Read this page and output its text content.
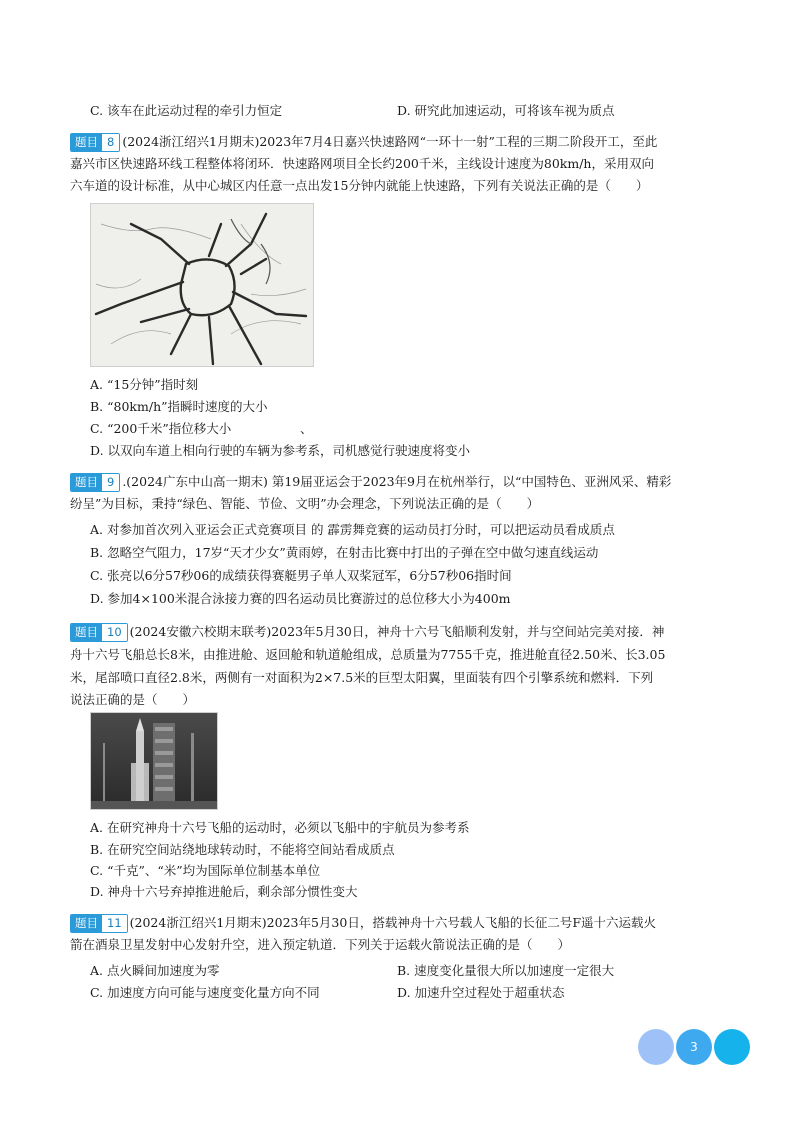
C. 该车在此运动过程的牵引力恒定	D. 研究此加速运动，可将该车视为质点
题目 8 (2024浙江绍兴1月期末)2023年7月4日嘉兴快速路网“一环十一射”工程的三期二阶段开工，至此
嘉兴市区快速路环线工程整体将闭环．快速路网项目全长约200千米，主线设计速度为80km/h，采用双向
六车道的设计标准，从中心城区内任意一点出发15分钟内就能上快速路，下列有关说法正确的是（　　）
A. “15分钟”指时刻
B. “80km/h”指瞬时速度的大小
C. “200千米”指位移大小	、
D. 以双向车道上相向行驶的车辆为参考系，司机感觉行驶速度将变小
题目 9 .(2024广东中山高一期末) 第19届亚运会于2023年9月在杭州举行，以“中国特色、亚洲风采、精彩
纷呈”为目标，秉持“绿色、智能、节俭、文明”办会理念，下列说法正确的是（　　）
A. 对参加首次列入亚运会正式竞赛项目 的 霹雳舞竞赛的运动员打分时，可以把运动员看成质点
B. 忽略空气阻力，17岁“天才少女”黄雨婷，在射击比赛中打出的子弹在空中做匀速直线运动
C. 张亮以6分57秒06的成绩获得赛艇男子单人双桨冠军，6分57秒06指时间
D. 参加4×100米混合泳接力赛的四名运动员比赛游过的总位移大小为400m
题目 10 (2024安徽六校期末联考)2023年5月30日，神舟十六号飞船顺利发射，并与空间站完美对接．神
舟十六号飞船总长8米，由推进舱、返回舱和轨道舱组成，总质量为7755千克，推进舱直径2.50米、长3.05
米，尾部喷口直径2.8米，两侧有一对面积为2×7.5米的巨型太阳翼，里面装有四个引擎系统和燃料．下列
说法正确的是（　　）
A. 在研究神舟十六号飞船的运动时，必须以飞船中的宇航员为参考系
B. 在研究空间站绕地球转动时，不能将空间站看成质点
C. “千克”、“米”均为国际单位制基本单位
D. 神舟十六号弃掉推进舱后，剩余部分惯性变大
题目 11 (2024浙江绍兴1月期末)2023年5月30日，搭载神舟十六号载人飞船的长征二号F遥十六运载火
箭在酒泉卫星发射中心发射升空，进入预定轨道．下列关于运载火箭说法正确的是（　　）
A. 点火瞬间加速度为零	B. 速度变化量很大所以加速度一定很大
C. 加速度方向可能与速度变化量方向不同	D. 加速升空过程处于超重状态
3
